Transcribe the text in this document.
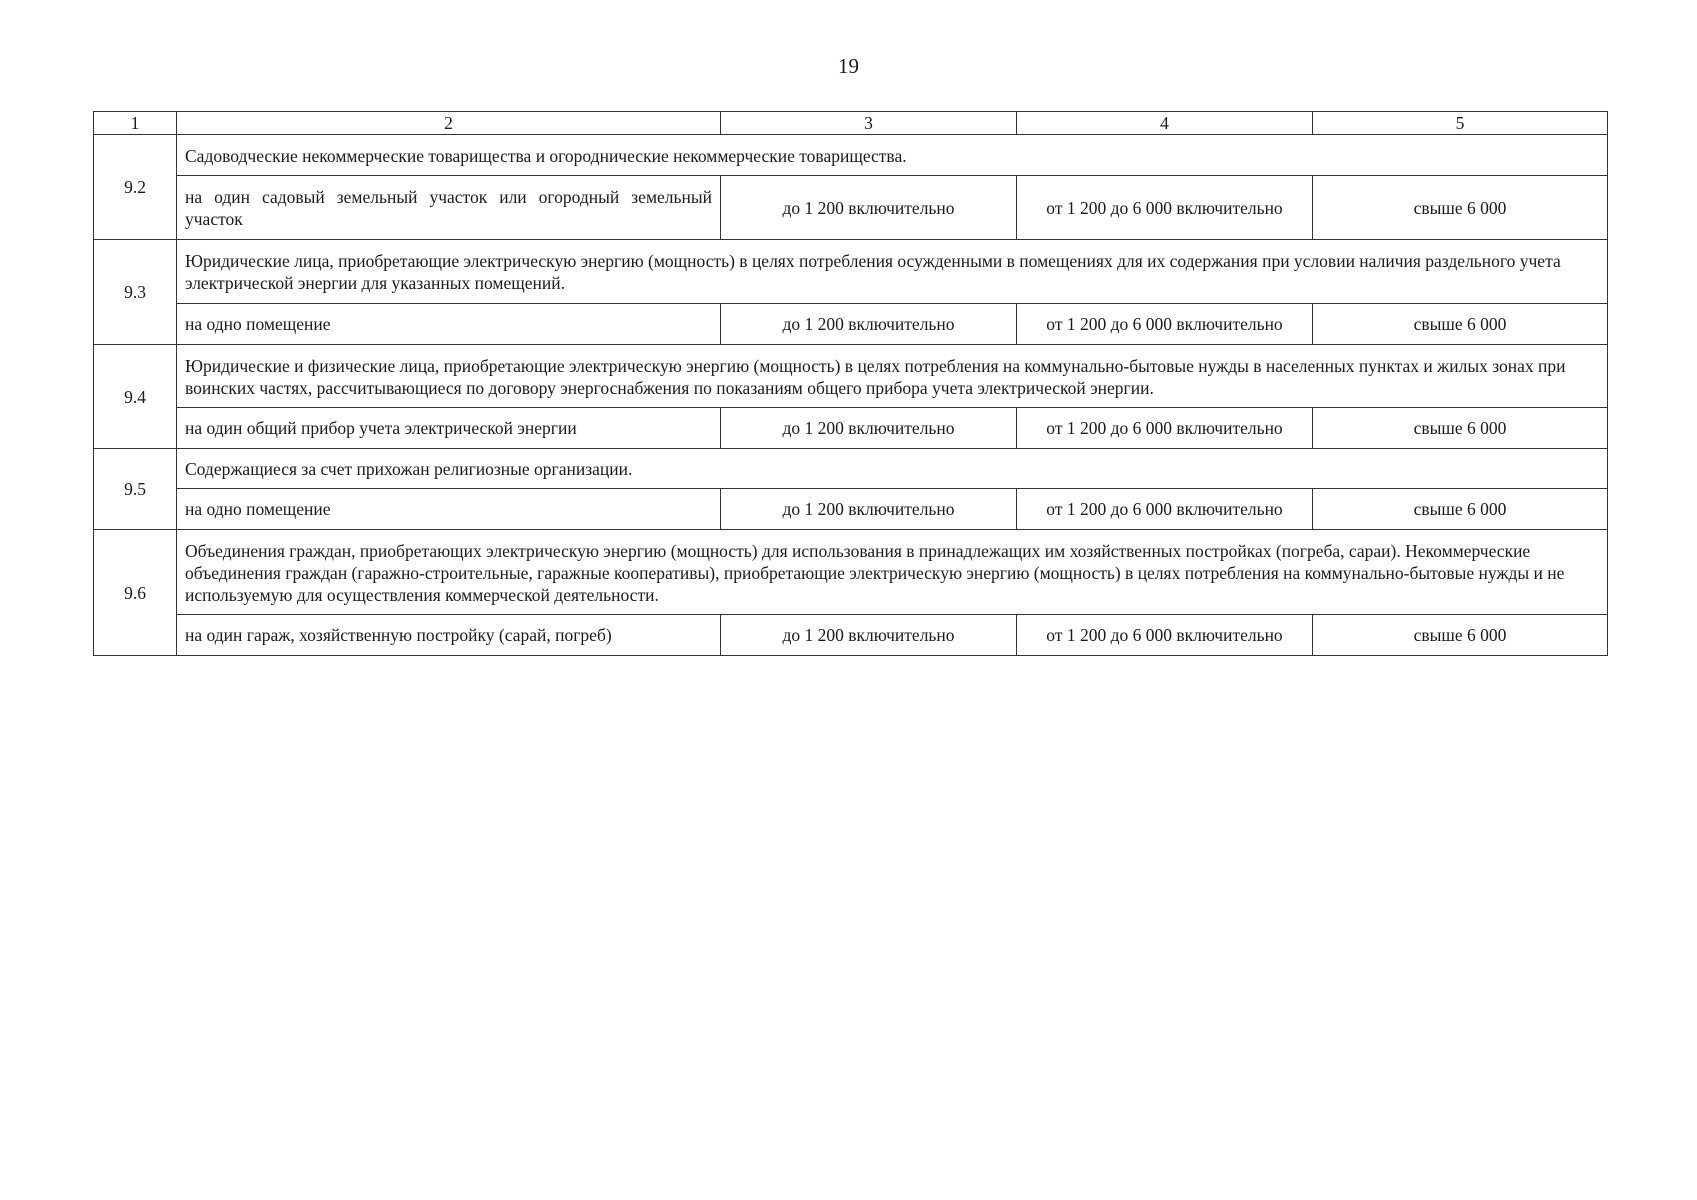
19
1	2	3	4	5
9.2	Садоводческие некоммерческие товарищества и огороднические некоммерческие товарищества.			
	на один садовый земельный участок или огородный земельный участок	до 1 200 включительно	от 1 200 до 6 000 включительно	свыше 6 000
9.3	Юридические лица, приобретающие электрическую энергию (мощность) в целях потребления осужденными в помещениях для их содержания при условии наличия раздельного учета электрической энергии для указанных помещений.			
	на одно помещение	до 1 200 включительно	от 1 200 до 6 000 включительно	свыше 6 000
9.4	Юридические и физические лица, приобретающие электрическую энергию (мощность) в целях потребления на коммунально-бытовые нужды в населенных пунктах и жилых зонах при воинских частях, рассчитывающиеся по договору энергоснабжения по показаниям общего прибора учета электрической энергии.			
	на один общий прибор учета электрической энергии	до 1 200 включительно	от 1 200 до 6 000 включительно	свыше 6 000
9.5	Содержащиеся за счет прихожан религиозные организации.			
	на одно помещение	до 1 200 включительно	от 1 200 до 6 000 включительно	свыше 6 000
9.6	Объединения граждан, приобретающих электрическую энергию (мощность) для использования в принадлежащих им хозяйственных постройках (погреба, сараи). Некоммерческие объединения граждан (гаражно-строительные, гаражные кооперативы), приобретающие электрическую энергию (мощность) в целях потребления на коммунально-бытовые нужды и не используемую для осуществления коммерческой деятельности.			
	на один гараж, хозяйственную постройку (сарай, погреб)	до 1 200 включительно	от 1 200 до 6 000 включительно	свыше 6 000
